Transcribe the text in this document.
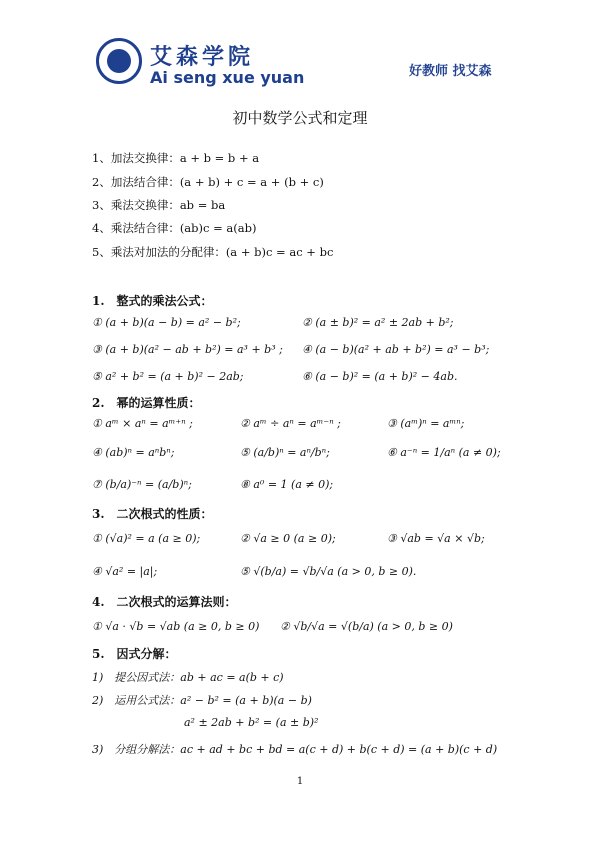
艾森学院
Ai seng xue yuan	好教师 找艾森
初中数学公式和定理
1、加法交换律：a + b = b + a
2、加法结合律：(a + b) + c = a + (b + c)
3、乘法交换律：ab = ba
4、乘法结合律：(ab)c = a(ab)
5、乘法对加法的分配律：(a + b)c = ac + bc
1.　整式的乘法公式：
① (a + b)(a − b) = a² − b²;	② (a ± b)² = a² ± 2ab + b²;
③ (a + b)(a² − ab + b²) = a³ + b³ ; ④ (a − b)(a² + ab + b²) = a³ − b³;
⑤ a² + b² = (a + b)² − 2ab;	⑥ (a − b)² = (a + b)² − 4ab.
2.　幂的运算性质：
① aᵐ × aⁿ = aᵐ⁺ⁿ ;	② aᵐ ÷ aⁿ = aᵐ⁻ⁿ ;	③ (aᵐ)ⁿ = aᵐⁿ;
④ (ab)ⁿ = aⁿbⁿ;	⑤ (a/b)ⁿ = aⁿ/bⁿ;	⑥ a⁻ⁿ = 1/aⁿ (a ≠ 0);
⑦ (b/a)⁻ⁿ = (a/b)ⁿ;	⑧ a⁰ = 1 (a ≠ 0);
3.　二次根式的性质：
① (√a)² = a (a ≥ 0);	② √a ≥ 0 (a ≥ 0);	③ √ab = √a × √b;
④ √a² = |a|;	⑤ √(b/a) = √b/√a (a > 0, b ≥ 0).
4.　二次根式的运算法则：
① √a · √b = √ab (a ≥ 0, b ≥ 0) ② √b/√a = √(b/a) (a > 0, b ≥ 0)
5.　因式分解：
1)　提公因式法：ab + ac = a(b + c)
2)　运用公式法：a² − b² = (a + b)(a − b)
a² ± 2ab + b² = (a ± b)²
3)　分组分解法：ac + ad + bc + bd = a(c + d) + b(c + d) = (a + b)(c + d)
1
